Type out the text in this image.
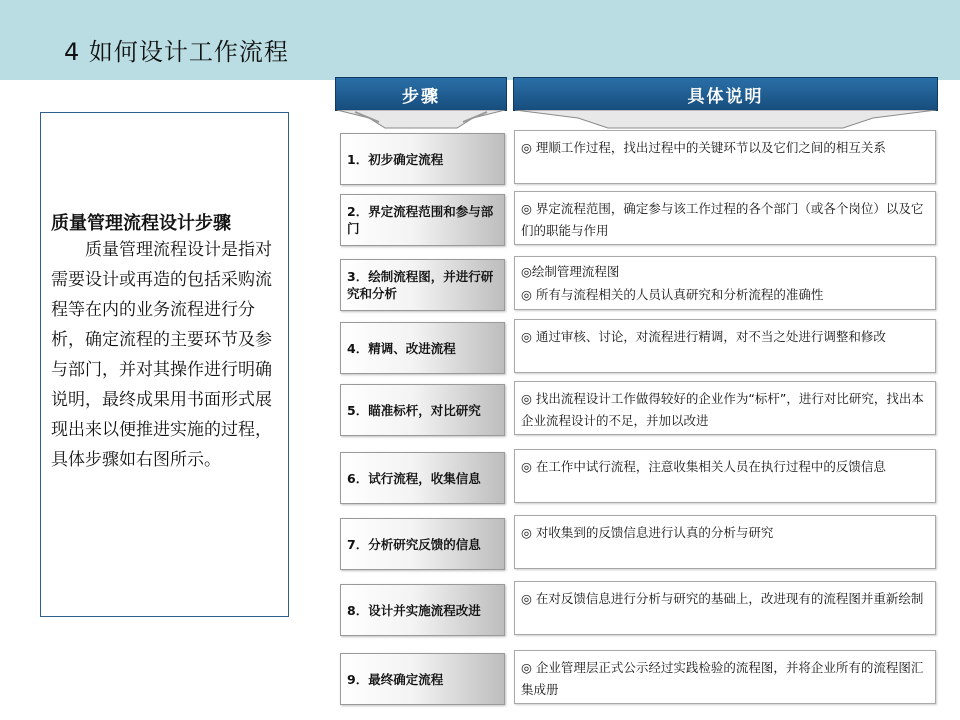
4 如何设计工作流程
质量管理流程设计步骤
质量管理流程设计是指对需要设计或再造的包括采购流程等在内的业务流程进行分析，确定流程的主要环节及参与部门，并对其操作进行明确说明，最终成果用书面形式展现出来以便推进实施的过程，具体步骤如右图所示。
步骤	具体说明
1．初步确定流程

◎ 理顺工作过程，找出过程中的关键环节以及它们之间的相互关系

2．界定流程范围和参与部门

◎ 界定流程范围，确定参与该工作过程的各个部门（或各个岗位）以及它们的职能与作用

3．绘制流程图，并进行研究和分析

◎绘制管理流程图

◎ 所有与流程相关的人员认真研究和分析流程的准确性

4．精调、改进流程

◎ 通过审核、讨论，对流程进行精调，对不当之处进行调整和修改

5．瞄准标杆，对比研究

◎ 找出流程设计工作做得较好的企业作为“标杆”，进行对比研究，找出本企业流程设计的不足，并加以改进

6．试行流程，收集信息

◎ 在工作中试行流程，注意收集相关人员在执行过程中的反馈信息

7．分析研究反馈的信息

◎ 对收集到的反馈信息进行认真的分析与研究

8．设计并实施流程改进

◎ 在对反馈信息进行分析与研究的基础上，改进现有的流程图并重新绘制

9．最终确定流程

◎ 企业管理层正式公示经过实践检验的流程图，并将企业所有的流程图汇集成册
